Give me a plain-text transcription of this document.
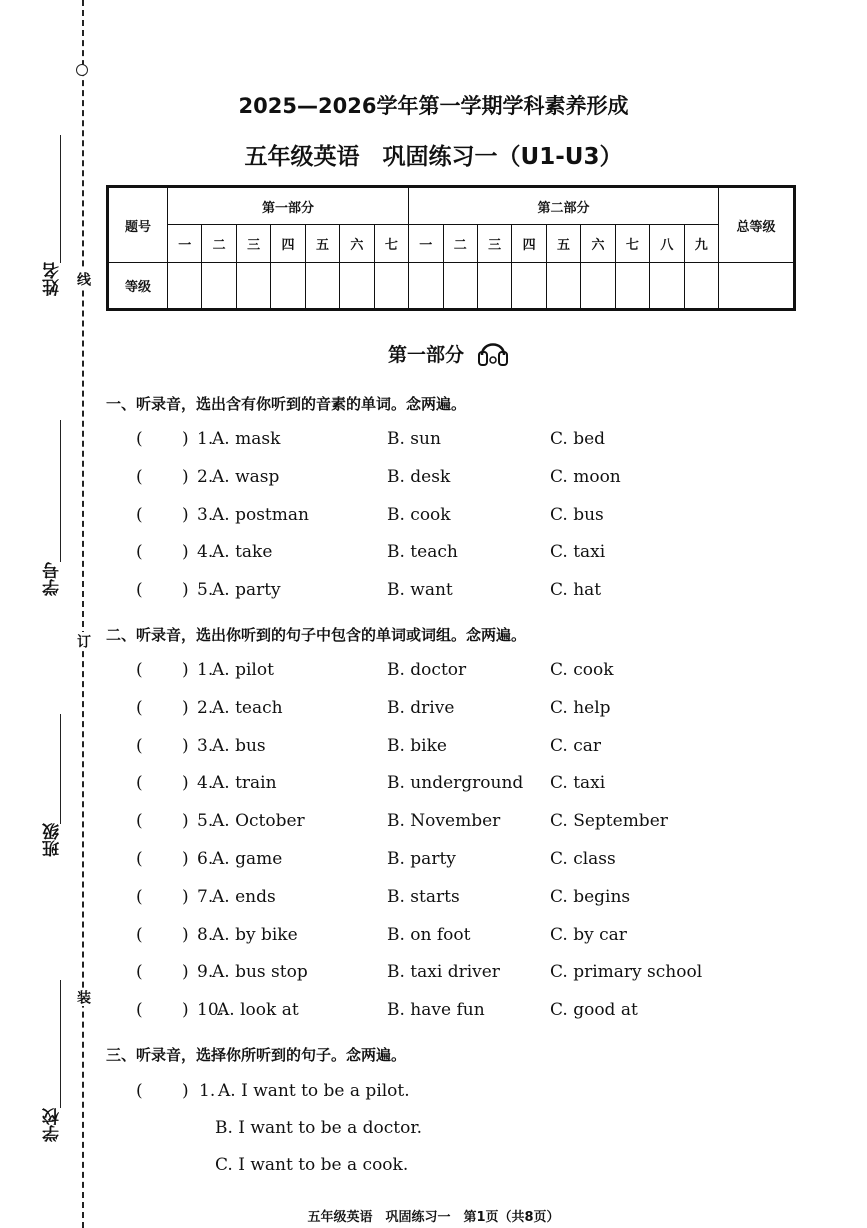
线
订
装
姓名
学号
班级
学校
2025—2026学年第一学期学科素养形成
五年级英语　巩固练习一（U1-U3）
题号	第一部分							第二部分									总等级
	一	二	三	四	五	六	七	一	二	三	四	五	六	七	八	九	
等级																	
第一部分
一、听录音，选出含有你听到的音素的单词。念两遍。
( ) 1.
A. mask	B. sun	C. bed
( ) 2.
A. wasp	B. desk	C. moon
( ) 3.
A. postman	B. cook	C. bus
( ) 4.
A. take	B. teach	C. taxi
( ) 5.
A. party	B. want	C. hat
二、听录音，选出你听到的句子中包含的单词或词组。念两遍。
( ) 1.
A. pilot	B. doctor	C. cook
( ) 2.
A. teach	B. drive	C. help
( ) 3.
A. bus	B. bike	C. car
( ) 4.
A. train	B. underground C. taxi
( ) 5.
A. October	B. November	C. September
( ) 6.
A. game	B. party	C. class
( ) 7.
A. ends	B. starts	C. begins
( ) 8.
A. by bike	B. on foot	C. by car
( ) 9.
A. bus stop	B. taxi driver	C. primary school
( ) 10.
A. look at	B. have fun	C. good at
三、听录音，选择你所听到的句子。念两遍。
( ) 1. A. I want to be a pilot.
B. I want to be a doctor.
C. I want to be a cook.
五年级英语　巩固练习一　第1页（共8页）
